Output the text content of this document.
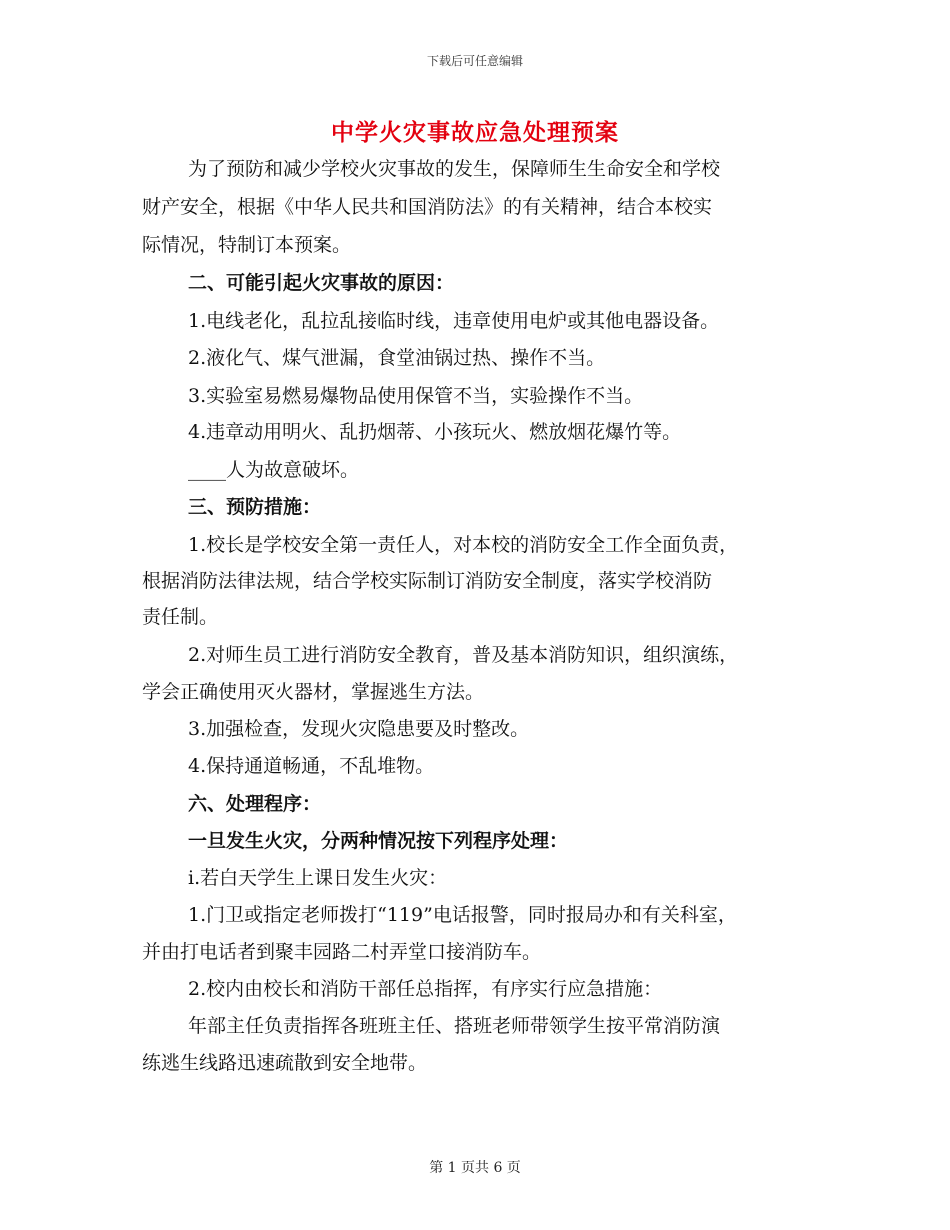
下载后可任意编辑
中学火灾事故应急处理预案
为了预防和减少学校火灾事故的发生，保障师生生命安全和学校
财产安全，根据《中华人民共和国消防法》的有关精神，结合本校实
际情况，特制订本预案。
二、可能引起火灾事故的原因：
1.电线老化，乱拉乱接临时线，违章使用电炉或其他电器设备。
2.液化气、煤气泄漏，食堂油锅过热、操作不当。
3.实验室易燃易爆物品使用保管不当，实验操作不当。
4.违章动用明火、乱扔烟蒂、小孩玩火、燃放烟花爆竹等。
____人为故意破坏。
三、预防措施：
1.校长是学校安全第一责任人，对本校的消防安全工作全面负责，
根据消防法律法规，结合学校实际制订消防安全制度，落实学校消防
责任制。
2.对师生员工进行消防安全教育，普及基本消防知识，组织演练，
学会正确使用灭火器材，掌握逃生方法。
3.加强检查，发现火灾隐患要及时整改。
4.保持通道畅通，不乱堆物。
六、处理程序：
一旦发生火灾，分两种情况按下列程序处理：
i.若白天学生上课日发生火灾：
1.门卫或指定老师拨打“119”电话报警，同时报局办和有关科室，
并由打电话者到聚丰园路二村弄堂口接消防车。
2.校内由校长和消防干部任总指挥，有序实行应急措施：
年部主任负责指挥各班班主任、搭班老师带领学生按平常消防演
练逃生线路迅速疏散到安全地带。
第 1 页共 6 页
